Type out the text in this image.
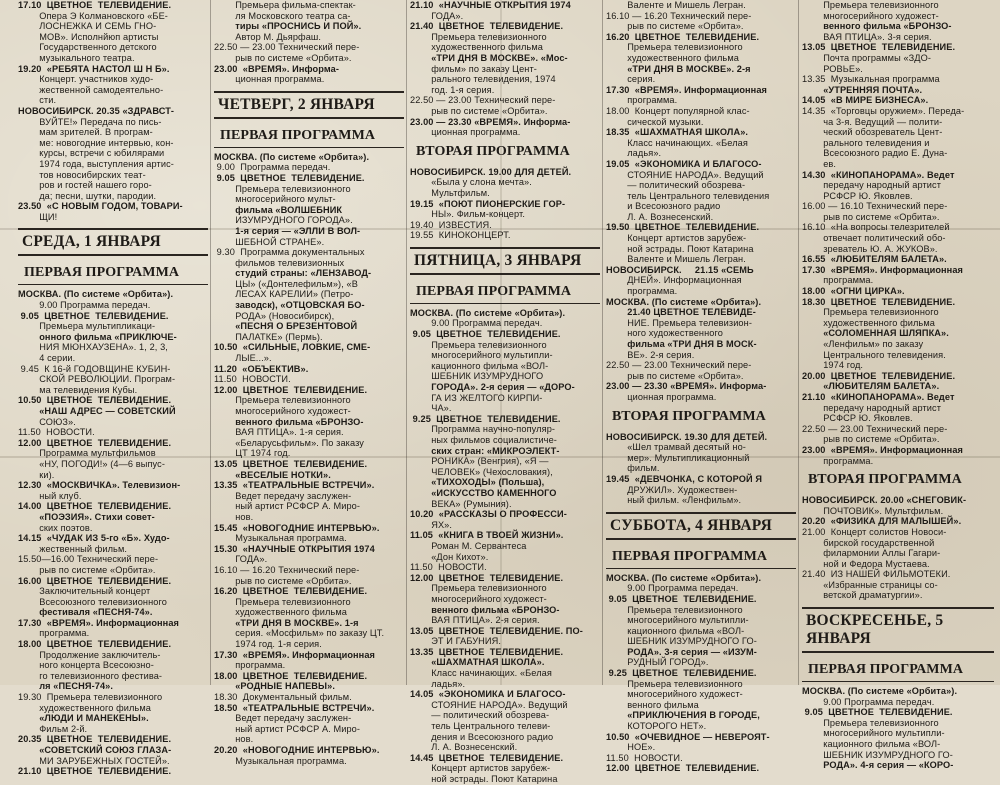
17.10  ЦВЕТНОЕ  ТЕЛЕВИДЕНИЕ.
Опера Э Колмановского «БЕ-
ЛОСНЕЖКА И СЕМЬ ГНО-
МОВ». Исполнйюп артисты
Государственного детского
музыкального театра.
19.20  «РЕБЯТА НАСТОЛ Ш Н Б».
Концерт. участников худо-
жественной самодеятельно-
сти.
НОВОСИБИРСК. 20.35 «ЗДРАВСТ-
ВУЙТЕ!» Передача по пись-
мам зрителей. В програм-
ме: новогодние интервью, кон-
курсы, встречи с юбилярами
1974 года, выступления артис-
тов новосибирских теат-
ров и гостей нашего горо-
да; песни, шутки, пародии.
23.50  «С НОВЫМ ГОДОМ, ТОВАРИ-
ЩИ!
СРЕДА, 1 ЯНВАРЯ
ПЕРВАЯ ПРОГРАММА
МОСКВА. (По системе «Орбита»).
9.00 Программа передач.
9.05  ЦВЕТНОЕ  ТЕЛЕВИДЕНИЕ.
Премьера мультипликаци-
онного фильма «ПРИКЛЮЧЕ-
НИЯ МЮНХАУЗЕНА». 1, 2, 3,
4 серии.
9.45  К 16-й ГОДОВЩИНЕ КУБИН-
СКОЙ РЕВОЛЮЦИИ. Програм-
ма телевидения Кубы.
10.50  ЦВЕТНОЕ  ТЕЛЕВИДЕНИЕ.
«НАШ АДРЕС — СОВЕТСКИЙ
СОЮЗ».
11.50  НОВОСТИ.
12.00  ЦВЕТНОЕ  ТЕЛЕВИДЕНИЕ.
Программа мультфильмов
«НУ, ПОГОДИ!» (4—6 выпус-
ки).
12.30  «МОСКВИЧКА». Телевизион-
ный клуб.
14.00  ЦВЕТНОЕ  ТЕЛЕВИДЕНИЕ.
«ПОЭЗИЯ». Стихи совет-
ских поэтов.
14.15  «ЧУДАК ИЗ 5-го «Б». Худо-
жественный фильм.
15.50—16.00 Технический пере-
рыв по системе «Орбита».
16.00  ЦВЕТНОЕ  ТЕЛЕВИДЕНИЕ.
Заключительный концерт
Всесоюзного телевизионного
фестиваля «ПЕСНЯ-74».
17.30  «ВРЕМЯ». Информационная
программа.
18.00  ЦВЕТНОЕ  ТЕЛЕВИДЕНИЕ.
Продолжение заключитель-
ного концерта Всесоюзно-
го телевизионного фестива-
ля «ПЕСНЯ-74».
19.30  Премьера телевизионного
художественного фильма
«ЛЮДИ И МАНЕКЕНЫ».
Фильм 2-й.
20.35  ЦВЕТНОЕ  ТЕЛЕВИДЕНИЕ.
«СОВЕТСКИЙ СОЮЗ ГЛАЗА-
МИ ЗАРУБЕЖНЫХ ГОСТЕЙ».
21.10  ЦВЕТНОЕ  ТЕЛЕВИДЕНИЕ.
Премьера фильма-спектак-
ля Московского театра са-
тиры «ПРОСНИСЬ И ПОЙ».
Автор М. Дьярфаш.
22.50 — 23.00 Технический пере-
рыв по системе «Орбита».
23.00  «ВРЕМЯ». Информа-
ционная программа.
ЧЕТВЕРГ, 2 ЯНВАРЯ
ПЕРВАЯ ПРОГРАММА
МОСКВА. (По системе «Орбита»).
9.00  Программа передач.
9.05  ЦВЕТНОЕ  ТЕЛЕВИДЕНИЕ.
Премьера телевизионного
многосерийного мульт-
фильма «ВОЛШЕБНИК
ИЗУМРУДНОГО ГОРОДА».
1-я серия — «ЭЛЛИ В ВОЛ-
ШЕБНОЙ СТРАНЕ».
9.30  Программа документальных
фильмов телевизионных
студий страны: «ЛЕНЗАВОД-
ЦЫ» («Донтелефильм»), «В
ЛЕСАХ КАРЕЛИИ» (Петро-
заводск), «ОТЦОВСКАЯ БО-
РОДА» (Новосибирск),
«ПЕСНЯ О БРЕЗЕНТОВОЙ
ПАЛАТКЕ» (Пермь).
10.50  «СИЛЬНЫЕ, ЛОВКИЕ, СМЕ-
ЛЫЕ...».
11.20  «ОБЪЕКТИВ».
11.50  НОВОСТИ.
12.00  ЦВЕТНОЕ  ТЕЛЕВИДЕНИЕ.
Премьера телевизионного
многосерийного художест-
венного фильма «БРОНЗО-
ВАЯ ПТИЦА». 1-я серия.
«Беларусьфильм». По заказу
ЦТ 1974 год.
13.05  ЦВЕТНОЕ  ТЕЛЕВИДЕНИЕ.
«ВЕСЕЛЫЕ НОТКИ».
13.35  «ТЕАТРАЛЬНЫЕ ВСТРЕЧИ».
Ведет передачу заслужен-
ный артист РСФСР А. Миро-
нов.
15.45  «НОВОГОДНИЕ ИНТЕРВЬЮ».
Музыкальная программа.
15.30  «НАУЧНЫЕ ОТКРЫТИЯ 1974
ГОДА».
16.10 — 16.20 Технический пере-
рыв по системе «Орбита».
16.20  ЦВЕТНОЕ  ТЕЛЕВИДЕНИЕ.
Премьера телевизионного
художественного фильма
«ТРИ ДНЯ В МОСКВЕ». 1-я
серия. «Мосфильм» по заказу ЦТ.
1974 год. 1-я серия.
17.30  «ВРЕМЯ». Информационная
программа.
18.00  ЦВЕТНОЕ  ТЕЛЕВИДЕНИЕ.
«РОДНЫЕ НАПЕВЫ».
18.30  Документальный фильм.
18.50  «ТЕАТРАЛЬНЫЕ ВСТРЕЧИ».
Ведет передачу заслужен-
ный артист РСФСР А. Миро-
нов.
20.20  «НОВОГОДНИЕ ИНТЕРВЬЮ».
Музыкальная программа.
21.10  «НАУЧНЫЕ ОТКРЫТИЯ 1974
ГОДА».
21.40  ЦВЕТНОЕ  ТЕЛЕВИДЕНИЕ.
Премьера телевизионного
художественного фильма
«ТРИ ДНЯ В МОСКВЕ». «Мос-
фильм» по заказу Цент-
рального телевидения, 1974
год. 1-я серия.
22.50 — 23.00 Технический пере-
рыв по системе «Орбита».
23.00 — 23.30 «ВРЕМЯ». Информа-
ционная программа.
ВТОРАЯ ПРОГРАММА
НОВОСИБИРСК. 19.00 ДЛЯ ДЕТЕЙ.
«Была у слона мечта».
Мультфильм.
19.15  «ПОЮТ ПИОНЕРСКИЕ ГОР-
НЫ». Фильм-концерт.
19.40  ИЗВЕСТИЯ.
19.55  КИНОКОНЦЕРТ.
ПЯТНИЦА, 3 ЯНВАРЯ
ПЕРВАЯ ПРОГРАММА
МОСКВА. (По системе «Орбита»).
9.00 Программа передач.
9.05  ЦВЕТНОЕ  ТЕЛЕВИДЕНИЕ.
Премьера телевизионного
многосерийного мультипли-
кационного фильма «ВОЛ-
ШЕБНИК ИЗУМРУДНОГО
ГОРОДА». 2-я серия — «ДОРО-
ГА ИЗ ЖЕЛТОГО КИРПИ-
ЧА».
9.25  ЦВЕТНОЕ  ТЕЛЕВИДЕНИЕ.
Программа научно-популяр-
ных фильмов социалистиче-
ских стран: «МИКРОЭЛЕКТ-
РОНИКА» (Венгрия), «Я —
ЧЕЛОВЕК» (Чехословакия),
«ТИХОХОДЫ» (Польша),
«ИСКУССТВО КАМЕННОГО
ВЕКА» (Румыния).
10.20  «РАССКАЗЫ О ПРОФЕССИ-
ЯХ».
11.05  «КНИГА В ТВОЕЙ ЖИЗНИ».
Роман М. Сервантеса
«Дон Кихот».
11.50  НОВОСТИ.
12.00  ЦВЕТНОЕ  ТЕЛЕВИДЕНИЕ.
Премьера телевизионного
многосерийного художест-
венного фильма «БРОНЗО-
ВАЯ ПТИЦА». 2-я серия.
13.05  ЦВЕТНОЕ  ТЕЛЕВИДЕНИЕ. ПО-
ЭТ И ГАБУНИЯ.
13.35  ЦВЕТНОЕ  ТЕЛЕВИДЕНИЕ.
«ШАХМАТНАЯ ШКОЛА».
Класс начинающих. «Белая
ладья».
14.05  «ЭКОНОМИКА И БЛАГОСО-
СТОЯНИЕ НАРОДА». Ведущий
— политический обозрева-
тель Центрального телеви-
дения и Всесоюзного радио
Л. А. Вознесенский.
14.45  ЦВЕТНОЕ  ТЕЛЕВИДЕНИЕ.
Концерт артистов зарубеж-
ной эстрады. Поют Катарина
Валенте и Мишель Легран.
16.10 — 16.20 Технический пере-
рыв по системе «Орбита».
16.20  ЦВЕТНОЕ  ТЕЛЕВИДЕНИЕ.
Премьера телевизионного
художественного фильма
«ТРИ ДНЯ В МОСКВЕ». 2-я
серия.
17.30  «ВРЕМЯ». Информационная
программа.
18.00  Концерт популярной клас-
сической музыки.
18.35  «ШАХМАТНАЯ ШКОЛА».
Класс начинающих. «Белая
ладья».
19.05  «ЭКОНОМИКА И БЛАГОСО-
СТОЯНИЕ НАРОДА». Ведущий
— политический обозрева-
тель Центрального телевидения
и Всесоюзного радио
Л. А. Вознесенский.
19.50  ЦВЕТНОЕ  ТЕЛЕВИДЕНИЕ.
Концерт артистов зарубеж-
ной эстрады. Поют Катарина
Валенте и Мишель Легран.
НОВОСИБИРСК.     21.15 «СЕМЬ
ДНЕЙ». Информационная
программа.
МОСКВА. (По системе «Орбита»).
21.40 ЦВЕТНОЕ ТЕЛЕВИДЕ-
НИЕ. Премьера телевизион-
ного художественного
фильма «ТРИ ДНЯ В МОСК-
ВЕ». 2-я серия.
22.50 — 23.00 Технический пере-
рыв по системе «Орбита».
23.00 — 23.30 «ВРЕМЯ». Информа-
ционная программа.
ВТОРАЯ ПРОГРАММА
НОВОСИБИРСК. 19.30 ДЛЯ ДЕТЕЙ.
«Шел трамвай десятый но-
мер». Мультипликационный
фильм.
19.45  «ДЕВЧОНКА, С КОТОРОЙ Я
ДРУЖИЛ». Художествен-
ный фильм. «Ленфильм».
СУББОТА, 4 ЯНВАРЯ
ПЕРВАЯ ПРОГРАММА
МОСКВА. (По системе «Орбита»).
9.00 Программа передач.
9.05  ЦВЕТНОЕ  ТЕЛЕВИДЕНИЕ.
Премьера телевизионного
многосерийного мультипли-
кационного фильма «ВОЛ-
ШЕБНИК ИЗУМРУДНОГО ГО-
РОДА». 3-я серия — «ИЗУМ-
РУДНЫЙ ГОРОД».
9.25  ЦВЕТНОЕ  ТЕЛЕВИДЕНИЕ.
Премьера телевизионного
многосерийного художест-
венного фильма
«ПРИКЛЮЧЕНИЯ В ГОРОДЕ,
КОТОРОГО НЕТ».
10.50  «ОЧЕВИДНОЕ — НЕВЕРОЯТ-
НОЕ».
11.50  НОВОСТИ.
12.00  ЦВЕТНОЕ  ТЕЛЕВИДЕНИЕ.
Премьера телевизионного
многосерийного художест-
венного фильма «БРОНЗО-
ВАЯ ПТИЦА». 3-я серия.
13.05  ЦВЕТНОЕ  ТЕЛЕВИДЕНИЕ.
Почта программы «ЗДО-
РОВЬЕ».
13.35  Музыкальная программа
«УТРЕННЯЯ ПОЧТА».
14.05  «В МИРЕ БИЗНЕСА».
14.35  «Торговцы оружием». Переда-
ча 3-я. Ведущий — полити-
ческий обозреватель Цент-
рального телевидения и
Всесоюзного радио Е. Дуна-
ев.
14.30  «КИНОПАНОРАМА». Ведет
передачу народный артист
РСФСР Ю. Яковлев.
16.00 — 16.10 Технический пере-
рыв по системе «Орбита».
16.10  «На вопросы телезрителей
отвечает политический обо-
зреватель Ю. А. ЖУКОВ».
16.55  «ЛЮБИТЕЛЯМ БАЛЕТА».
17.30  «ВРЕМЯ». Информационная
программа.
18.00  «ОГНИ ЦИРКА».
18.30  ЦВЕТНОЕ  ТЕЛЕВИДЕНИЕ.
Премьера телевизионного
художественного фильма
«СОЛОМЕННАЯ ШЛЯПКА».
«Ленфильм» по заказу
Центрального телевидения.
1974 год.
20.00  ЦВЕТНОЕ  ТЕЛЕВИДЕНИЕ.
«ЛЮБИТЕЛЯМ БАЛЕТА».
21.10  «КИНОПАНОРАМА». Ведет
передачу народный артист
РСФСР Ю. Яковлев.
22.50 — 23.00 Технический пере-
рыв по системе «Орбита».
23.00  «ВРЕМЯ». Информационная
программа.
ВТОРАЯ ПРОГРАММА
НОВОСИБИРСК. 20.00 «СНЕГОВИК-
ПОЧТОВИК». Мультфильм.
20.20  «ФИЗИКА ДЛЯ МАЛЫШЕЙ».
21.00  Концерт солистов Новоси-
бирской государственной
филармонии Аллы Гагари-
ной и Федора Мустаева.
21.40  ИЗ НАШЕЙ ФИЛЬМОТЕКИ.
«Избранные страницы со-
ветской драматургии».
ВОСКРЕСЕНЬЕ, 5 ЯНВАРЯ
ПЕРВАЯ ПРОГРАММА
МОСКВА. (По системе «Орбита»).
9.00 Программа передач.
9.05  ЦВЕТНОЕ  ТЕЛЕВИДЕНИЕ.
Премьера телевизионного
многосерийного мультипли-
кационного фильма «ВОЛ-
ШЕБНИК ИЗУМРУДНОГО ГО-
РОДА». 4-я серия — «КОРО-
